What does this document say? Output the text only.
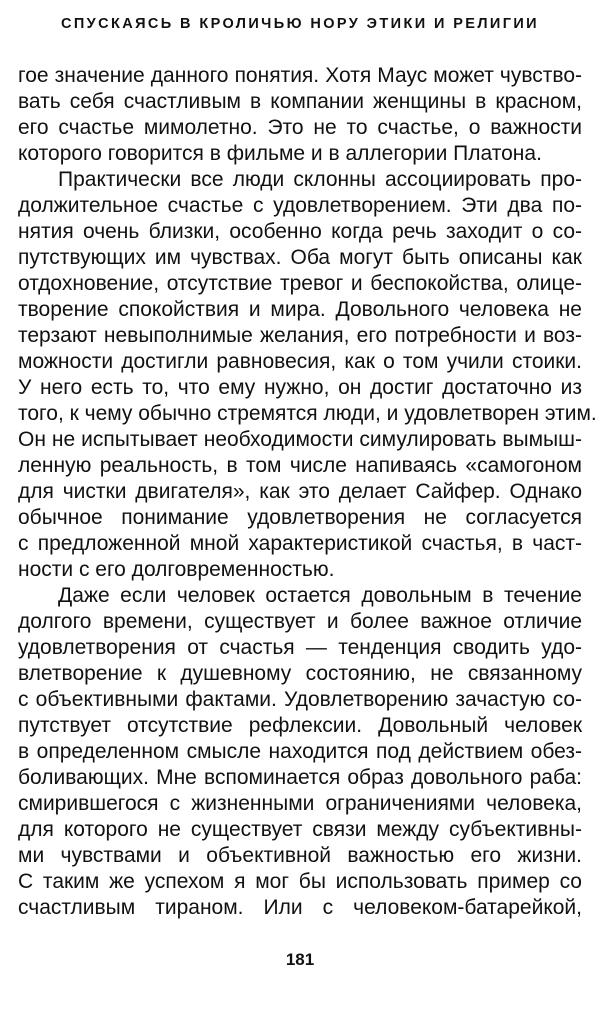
СПУСКАЯСЬ В КРОЛИЧЬЮ НОРУ ЭТИКИ И РЕЛИГИИ
гое значение данного понятия. Хотя Маус может чувство-
вать себя счастливым в компании женщины в красном,
его счастье мимолетно. Это не то счастье, о важности
которого говорится в фильме и в аллегории Платона.
Практически все люди склонны ассоциировать про-
должительное счастье с удовлетворением. Эти два по-
нятия очень близки, особенно когда речь заходит о со-
путствующих им чувствах. Оба могут быть описаны как
отдохновение, отсутствие тревог и беспокойства, олице-
творение спокойствия и мира. Довольного человека не
терзают невыполнимые желания, его потребности и воз-
можности достигли равновесия, как о том учили стоики.
У него есть то, что ему нужно, он достиг достаточно из
того, к чему обычно стремятся люди, и удовлетворен этим.
Он не испытывает необходимости симулировать вымыш-
ленную реальность, в том числе напиваясь «самогоном
для чистки двигателя», как это делает Сайфер. Однако
обычное понимание удовлетворения не согласуется
с предложенной мной характеристикой счастья, в част-
ности с его долговременностью.
Даже если человек остается довольным в течение
долгого времени, существует и более важное отличие
удовлетворения от счастья — тенденция сводить удо-
влетворение к душевному состоянию, не связанному
с объективными фактами. Удовлетворению зачастую со-
путствует отсутствие рефлексии. Довольный человек
в определенном смысле находится под действием обез-
боливающих. Мне вспоминается образ довольного раба:
смирившегося с жизненными ограничениями человека,
для которого не существует связи между субъективны-
ми чувствами и объективной важностью его жизни.
С таким же успехом я мог бы использовать пример со
счастливым тираном. Или с человеком-батарейкой,
181
